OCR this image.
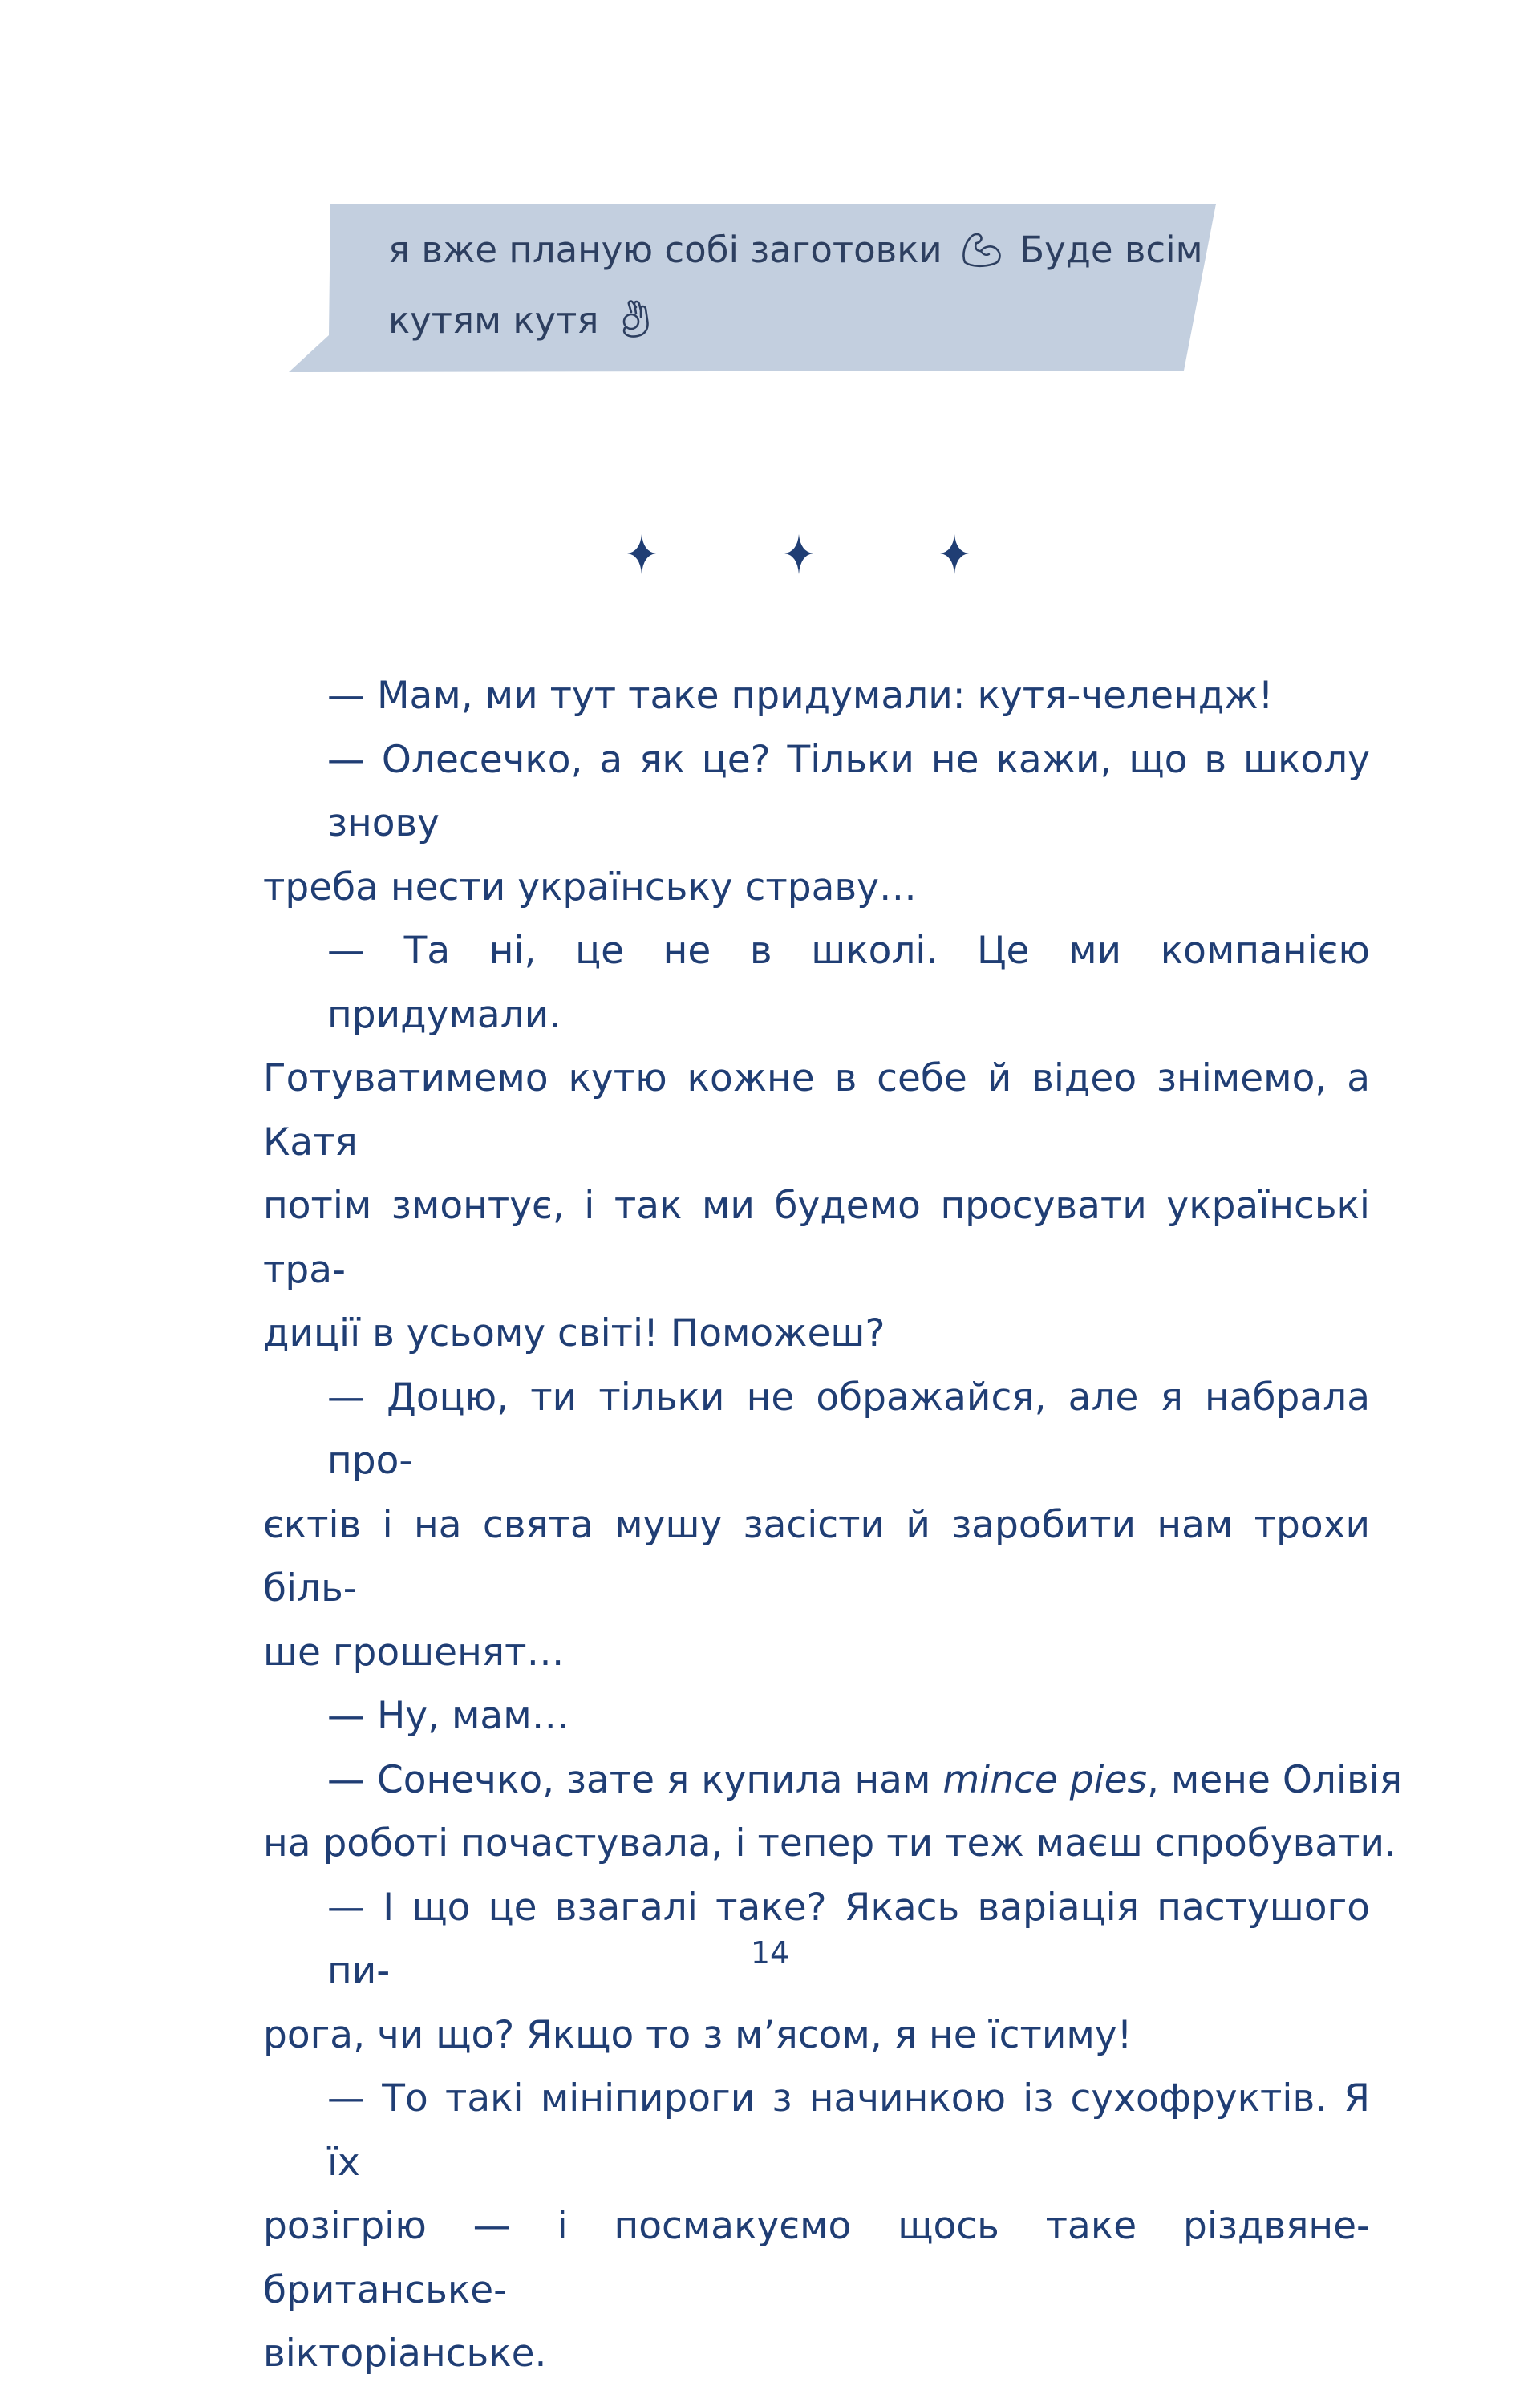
я вже планую собі заготовки Буде всім
кутям кутя
— Мам, ми тут таке придумали: кутя-челендж!
— Олесечко, а як це? Тільки не кажи, що в школу знову
треба нести українську страву…
— Та ні, це не в школі. Це ми компанією придумали.
Готуватимемо кутю кожне в себе й відео знімемо, а Катя
потім змонтує, і так ми будемо просувати українські тра-
диції в усьому світі! Поможеш?
— Доцю, ти тільки не ображайся, але я набрала про-
єктів і на свята мушу засісти й заробити нам трохи біль-
ше грошенят…
— Ну, мам…
— Сонечко, зате я купила нам mince pies, мене Олівія
на роботі почастувала, і тепер ти теж маєш спробувати.
— І що це взагалі таке? Якась варіація пастушого пи-
рога, чи що? Якщо то з м’ясом, я не їстиму!
— То такі мініпироги з начинкою із сухофруктів. Я їх
розігрію — і посмакуємо щось таке різдвяне-британське-
вікторіанське.
14
